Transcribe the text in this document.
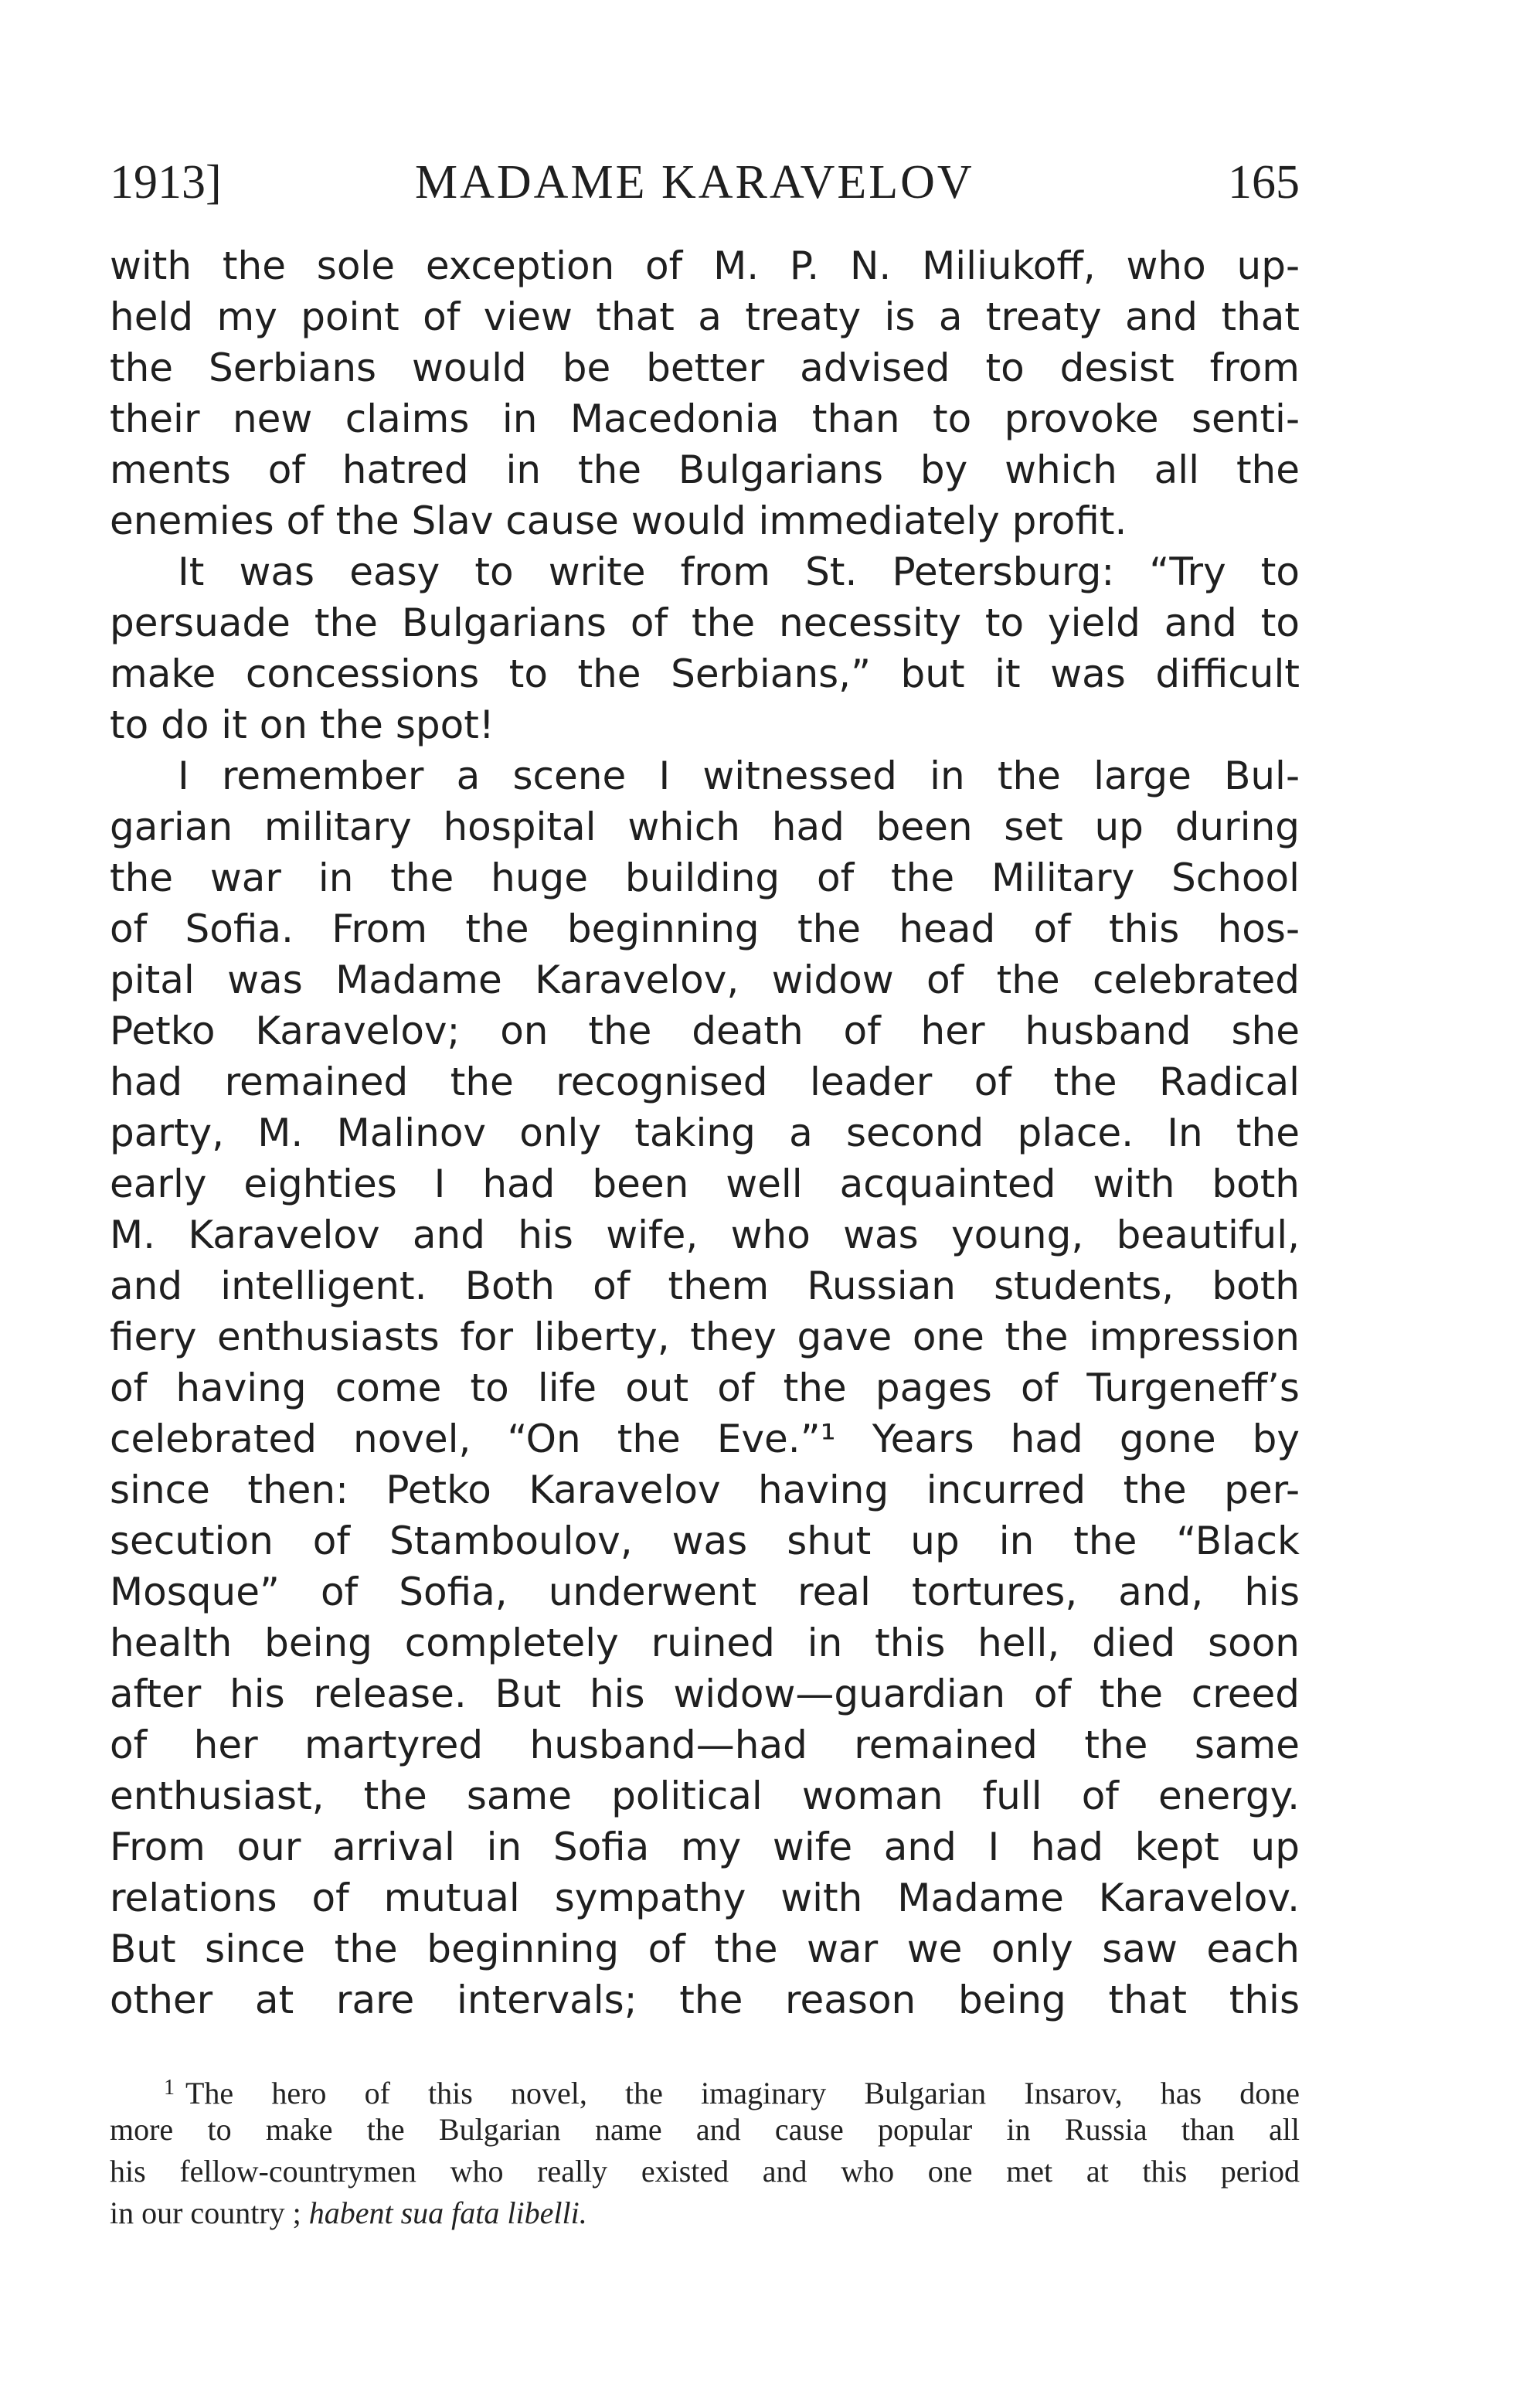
1913]	MADAME KARAVELOV	165
with the sole exception of M. P. N. Miliukoff, who up-
held my point of view that a treaty is a treaty and that
the Serbians would be better advised to desist from
their new claims in Macedonia than to provoke senti-
ments of hatred in the Bulgarians by which all the
enemies of the Slav cause would immediately profit.
It was easy to write from St. Petersburg: “Try to
persuade the Bulgarians of the necessity to yield and to
make concessions to the Serbians,” but it was difficult
to do it on the spot!
I remember a scene I witnessed in the large Bul-
garian military hospital which had been set up during
the war in the huge building of the Military School
of Sofia. From the beginning the head of this hos-
pital was Madame Karavelov, widow of the celebrated
Petko Karavelov; on the death of her husband she
had remained the recognised leader of the Radical
party, M. Malinov only taking a second place. In the
early eighties I had been well acquainted with both
M. Karavelov and his wife, who was young, beautiful,
and intelligent. Both of them Russian students, both
fiery enthusiasts for liberty, they gave one the impression
of having come to life out of the pages of Turgeneff’s
celebrated novel, “On the Eve.”¹ Years had gone by
since then: Petko Karavelov having incurred the per-
secution of Stamboulov, was shut up in the “Black
Mosque” of Sofia, underwent real tortures, and, his
health being completely ruined in this hell, died soon
after his release. But his widow—guardian of the creed
of her martyred husband—had remained the same
enthusiast, the same political woman full of energy.
From our arrival in Sofia my wife and I had kept up
relations of mutual sympathy with Madame Karavelov.
But since the beginning of the war we only saw each
other at rare intervals; the reason being that this
$^1$ The hero of this novel, the imaginary Bulgarian Insarov, has done
more to make the Bulgarian name and cause popular in Russia than all
his fellow-countrymen who really existed and who one met at this period
in our country ; habent sua fata libelli.
